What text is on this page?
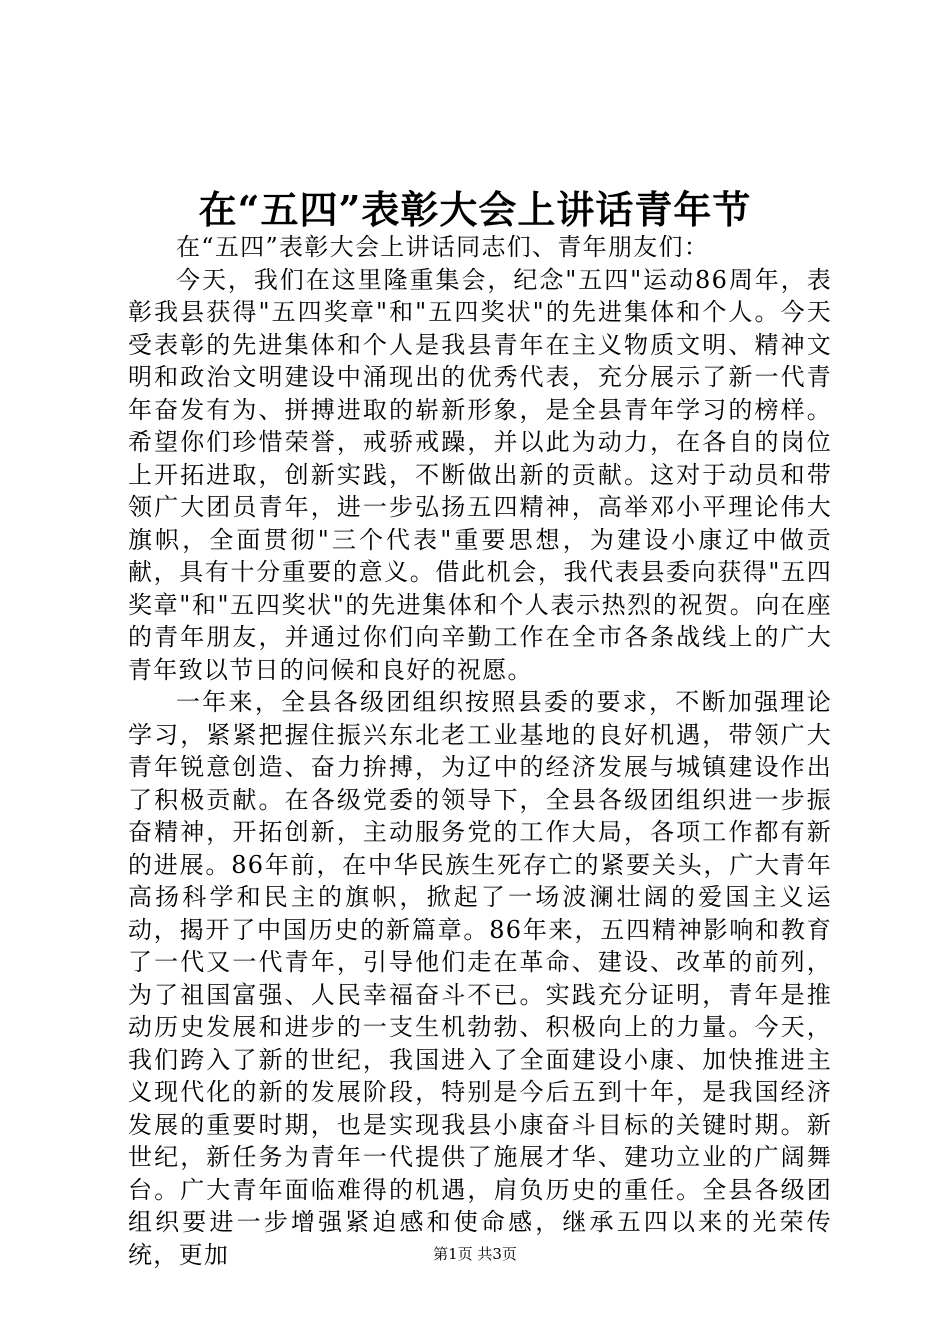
在“五四”表彰大会上讲话青年节

在“五四”表彰大会上讲话同志们、青年朋友们：

今天，我们在这里隆重集会，纪念"五四"运动86周年，表彰我县获得"五四奖章"和"五四奖状"的先进集体和个人。今天受表彰的先进集体和个人是我县青年在主义物质文明、精神文明和政治文明建设中涌现出的优秀代表，充分展示了新一代青年奋发有为、拼搏进取的崭新形象，是全县青年学习的榜样。希望你们珍惜荣誉，戒骄戒躁，并以此为动力，在各自的岗位上开拓进取，创新实践，不断做出新的贡献。这对于动员和带领广大团员青年，进一步弘扬五四精神，高举邓小平理论伟大旗帜，全面贯彻"三个代表"重要思想，为建设小康辽中做贡献，具有十分重要的意义。借此机会，我代表县委向获得"五四奖章"和"五四奖状"的先进集体和个人表示热烈的祝贺。向在座的青年朋友，并通过你们向辛勤工作在全市各条战线上的广大青年致以节日的问候和良好的祝愿。

一年来，全县各级团组织按照县委的要求，不断加强理论学习，紧紧把握住振兴东北老工业基地的良好机遇，带领广大青年锐意创造、奋力拚搏，为辽中的经济发展与城镇建设作出了积极贡献。在各级党委的领导下，全县各级团组织进一步振奋精神，开拓创新，主动服务党的工作大局，各项工作都有新的进展。86年前，在中华民族生死存亡的紧要关头，广大青年高扬科学和民主的旗帜，掀起了一场波澜壮阔的爱国主义运动，揭开了中国历史的新篇章。86年来，五四精神影响和教育了一代又一代青年，引导他们走在革命、建设、改革的前列，为了祖国富强、人民幸福奋斗不已。实践充分证明，青年是推动历史发展和进步的一支生机勃勃、积极向上的力量。今天，我们跨入了新的世纪，我国进入了全面建设小康、加快推进主义现代化的新的发展阶段，特别是今后五到十年，是我国经济发展的重要时期，也是实现我县小康奋斗目标的关键时期。新世纪，新任务为青年一代提供了施展才华、建功立业的广阔舞台。广大青年面临难得的机遇，肩负历史的重任。全县各级团组织要进一步增强紧迫感和使命感，继承五四以来的光荣传统，更加	第1页 共3页
